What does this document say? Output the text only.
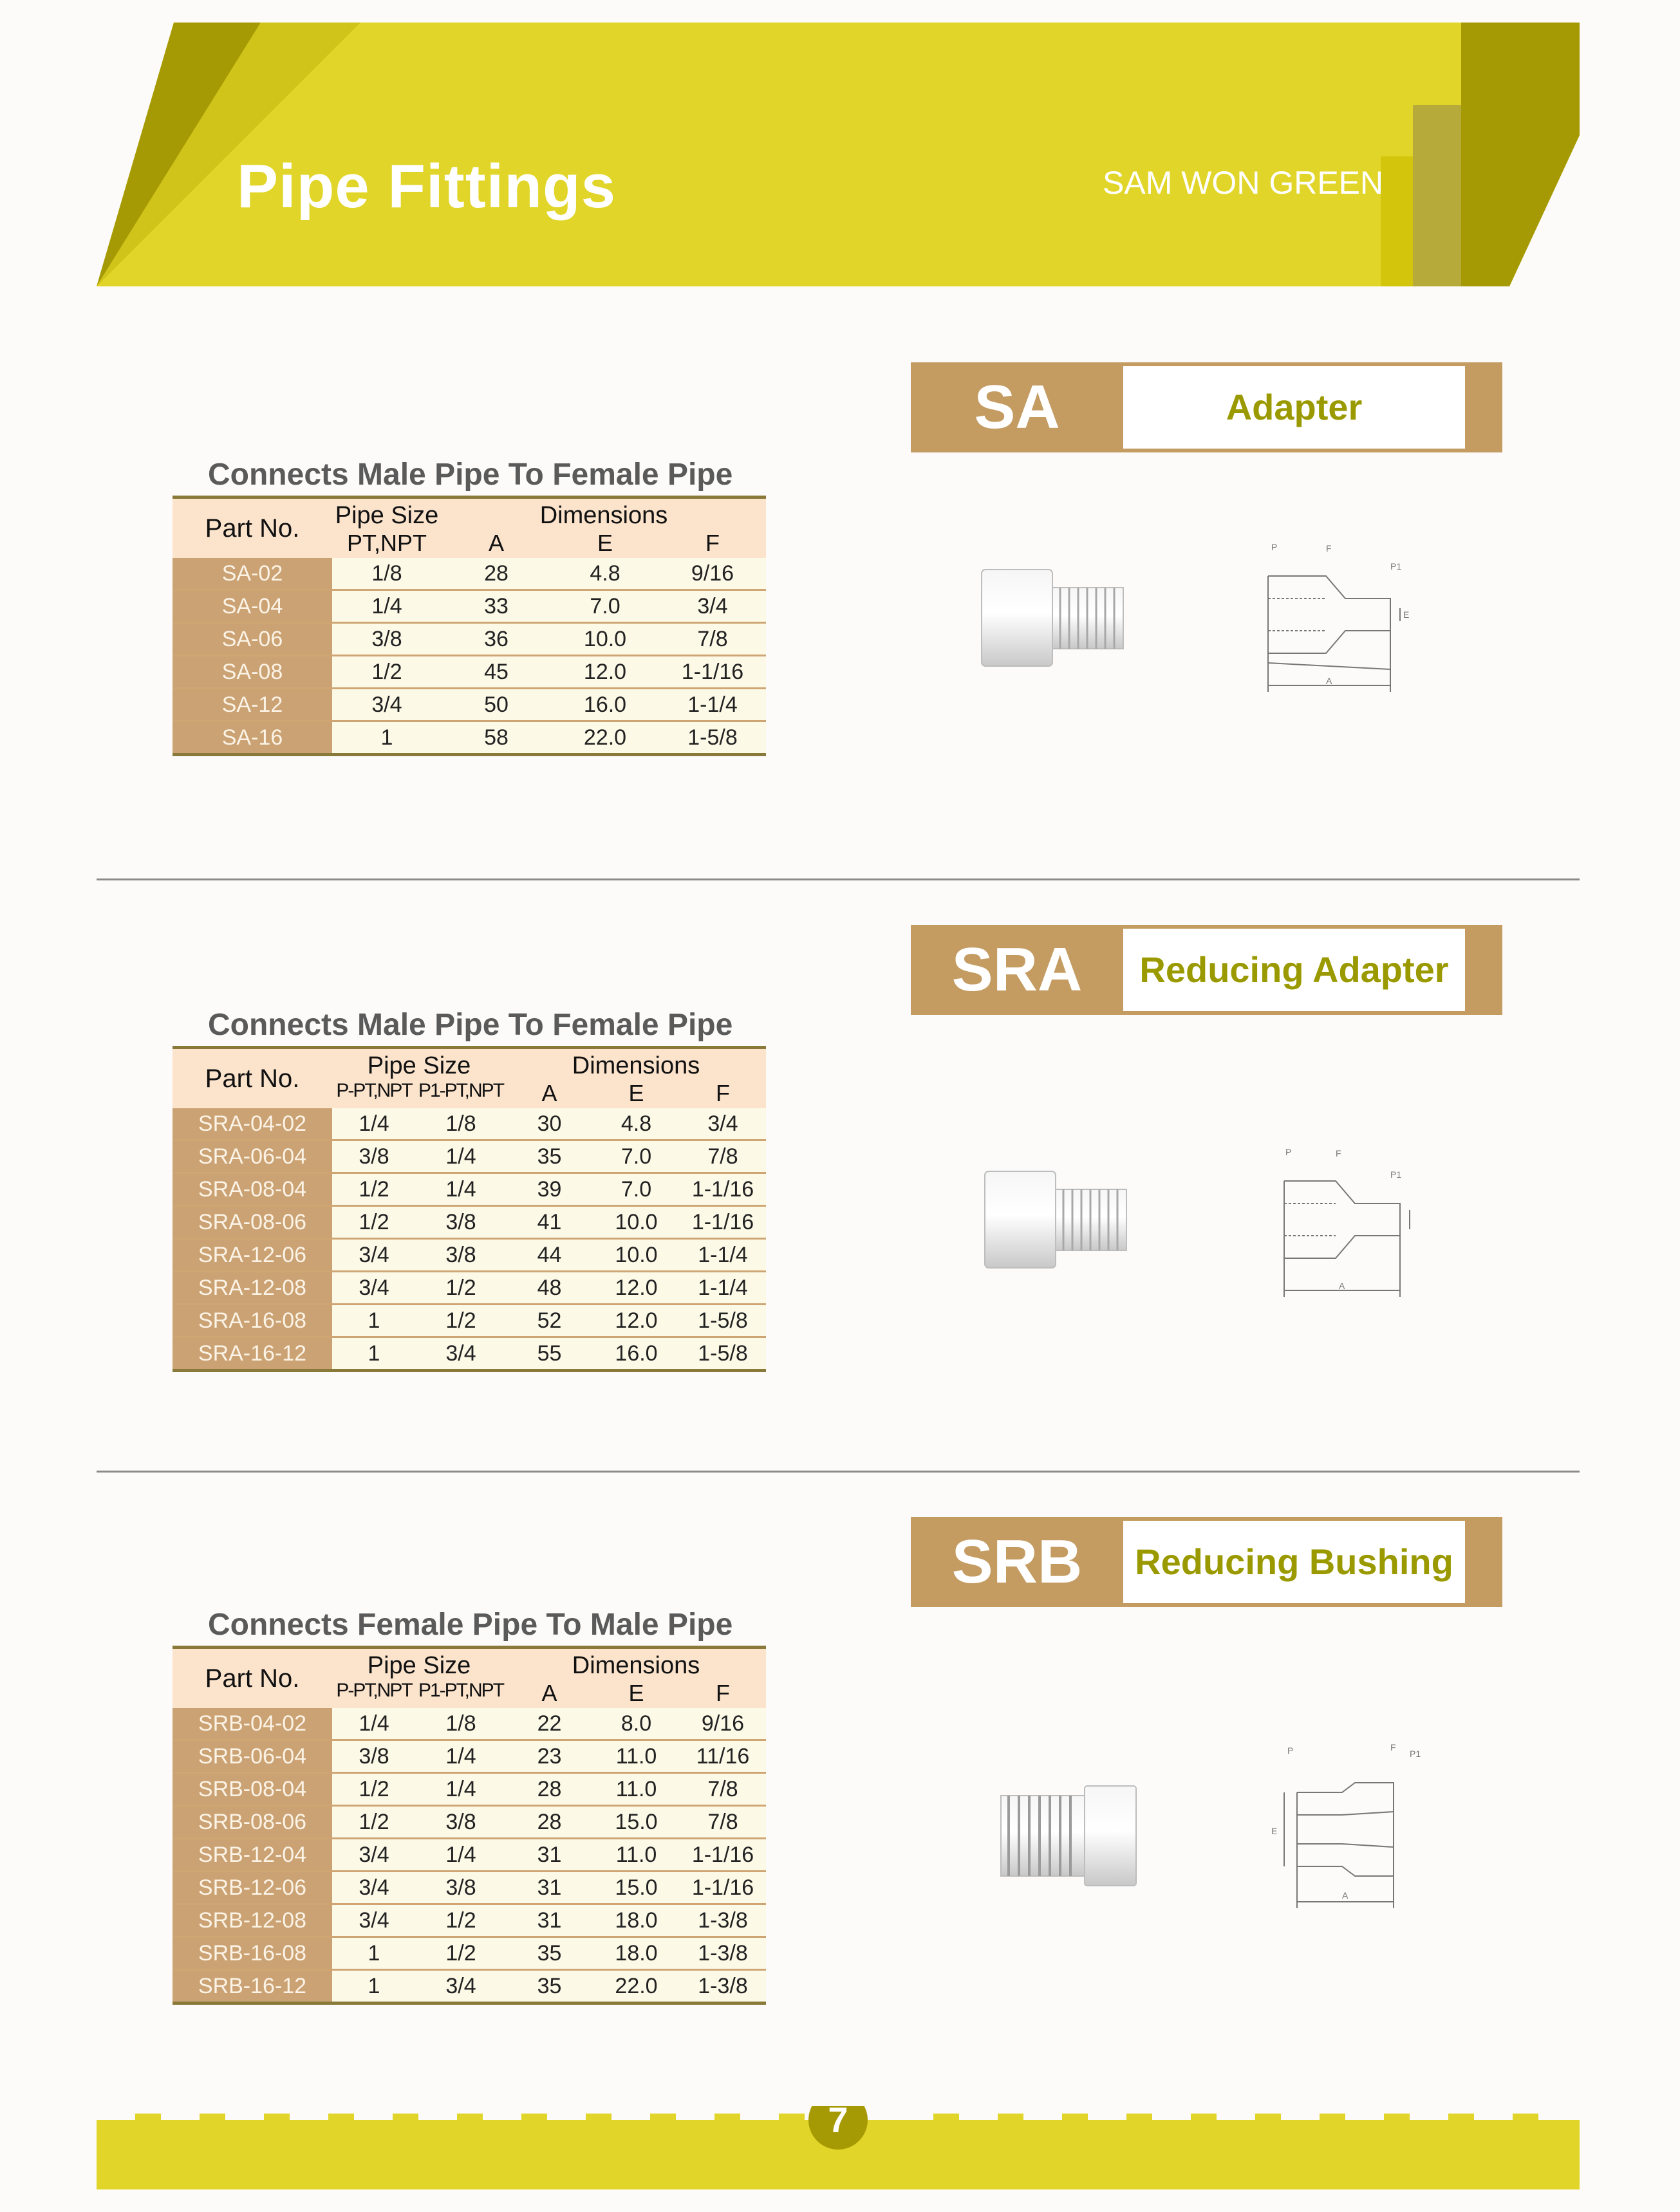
Pipe Fittings	SAM WON GREEN
SA	Adapter
Connects Male Pipe To Female Pipe
Part No.	Pipe Size	Dimensions		
	PT,NPT	A	E	F
SA-02	1/8	28	4.8	9/16
SA-04	1/4	33	7.0	3/4
SA-06	3/8	36	10.0	7/8
SA-08	1/2	45	12.0	1-1/16
SA-12	3/4	50	16.0	1-1/4
SA-16	1	58	22.0	1-5/8
P	F
P1
A
E
SRA	Reducing Adapter
Connects Male Pipe To Female Pipe
Part No.	Pipe Size		Dimensions		
	P-PT,NPT	P1-PT,NPT	A	E	F
SRA-04-02	1/4	1/8	30	4.8	3/4
SRA-06-04	3/8	1/4	35	7.0	7/8
SRA-08-04	1/2	1/4	39	7.0	1-1/16
SRA-08-06	1/2	3/8	41	10.0	1-1/16
SRA-12-06	3/4	3/8	44	10.0	1-1/4
SRA-12-08	3/4	1/2	48	12.0	1-1/4
SRA-16-08	1	1/2	52	12.0	1-5/8
SRA-16-12	1	3/4	55	16.0	1-5/8
P	F
P1
A
SRB	Reducing Bushing
Connects Female Pipe To Male Pipe
Part No.	Pipe Size		Dimensions		
	P-PT,NPT	P1-PT,NPT	A	E	F
SRB-04-02	1/4	1/8	22	8.0	9/16
SRB-06-04	3/8	1/4	23	11.0	11/16
SRB-08-04	1/2	1/4	28	11.0	7/8
SRB-08-06	1/2	3/8	28	15.0	7/8
SRB-12-04	3/4	1/4	31	11.0	1-1/16
SRB-12-06	3/4	3/8	31	15.0	1-1/16
SRB-12-08	3/4	1/2	31	18.0	1-3/8
SRB-16-08	1	1/2	35	18.0	1-3/8
SRB-16-12	1	3/4	35	22.0	1-3/8
P	F
P1
E
A
7
